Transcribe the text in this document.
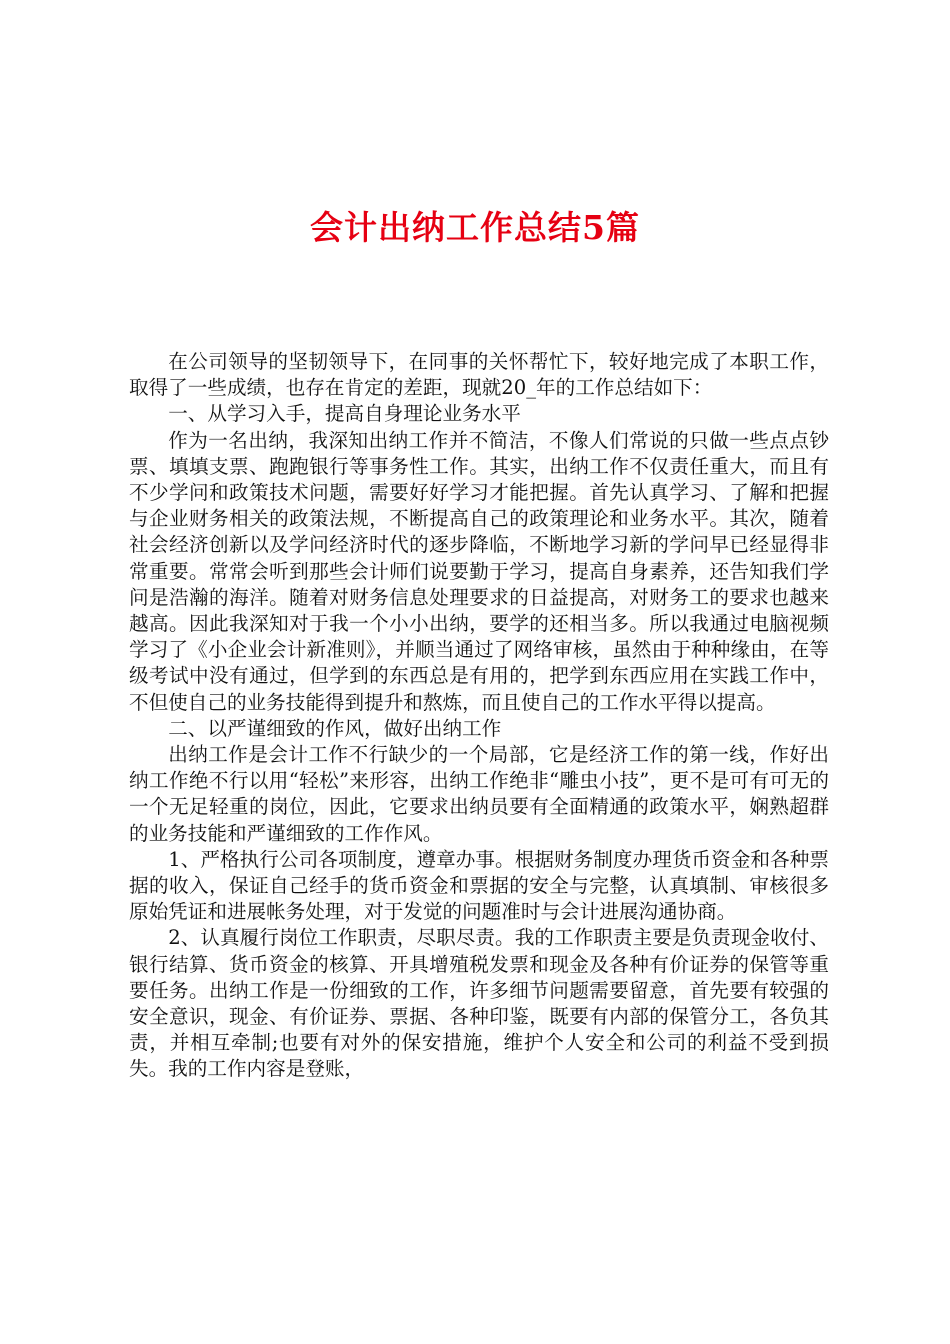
会计出纳工作总结5篇

在公司领导的坚韧领导下，在同事的关怀帮忙下，较好地完成了本职工作，取得了一些成绩，也存在肯定的差距，现就20_年的工作总结如下：

一、从学习入手，提高自身理论业务水平

作为一名出纳，我深知出纳工作并不简洁，不像人们常说的只做一些点点钞票、填填支票、跑跑银行等事务性工作。其实，出纳工作不仅责任重大，而且有不少学问和政策技术问题，需要好好学习才能把握。首先认真学习、了解和把握与企业财务相关的政策法规，不断提高自己的政策理论和业务水平。其次，随着社会经济创新以及学问经济时代的逐步降临，不断地学习新的学问早已经显得非常重要。常常会听到那些会计师们说要勤于学习，提高自身素养，还告知我们学问是浩瀚的海洋。随着对财务信息处理要求的日益提高，对财务工的要求也越来越高。因此我深知对于我一个小小出纳，要学的还相当多。所以我通过电脑视频学习了《小企业会计新准则》，并顺当通过了网络审核，虽然由于种种缘由，在等级考试中没有通过，但学到的东西总是有用的，把学到东西应用在实践工作中，不但使自己的业务技能得到提升和熬炼，而且使自己的工作水平得以提高。

二、以严谨细致的作风，做好出纳工作

出纳工作是会计工作不行缺少的一个局部，它是经济工作的第一线，作好出纳工作绝不行以用“轻松”来形容，出纳工作绝非“雕虫小技”，更不是可有可无的一个无足轻重的岗位，因此，它要求出纳员要有全面精通的政策水平，娴熟超群的业务技能和严谨细致的工作作风。

1、严格执行公司各项制度，遵章办事。根据财务制度办理货币资金和各种票据的收入，保证自己经手的货币资金和票据的安全与完整，认真填制、审核很多原始凭证和进展帐务处理，对于发觉的问题准时与会计进展沟通协商。

2、认真履行岗位工作职责，尽职尽责。我的工作职责主要是负责现金收付、银行结算、货币资金的核算、开具增殖税发票和现金及各种有价证券的保管等重要任务。出纳工作是一份细致的工作，许多细节问题需要留意，首先要有较强的安全意识，现金、有价证券、票据、各种印鉴，既要有内部的保管分工，各负其责，并相互牵制;也要有对外的保安措施，维护个人安全和公司的利益不受到损失。我的工作内容是登账，
